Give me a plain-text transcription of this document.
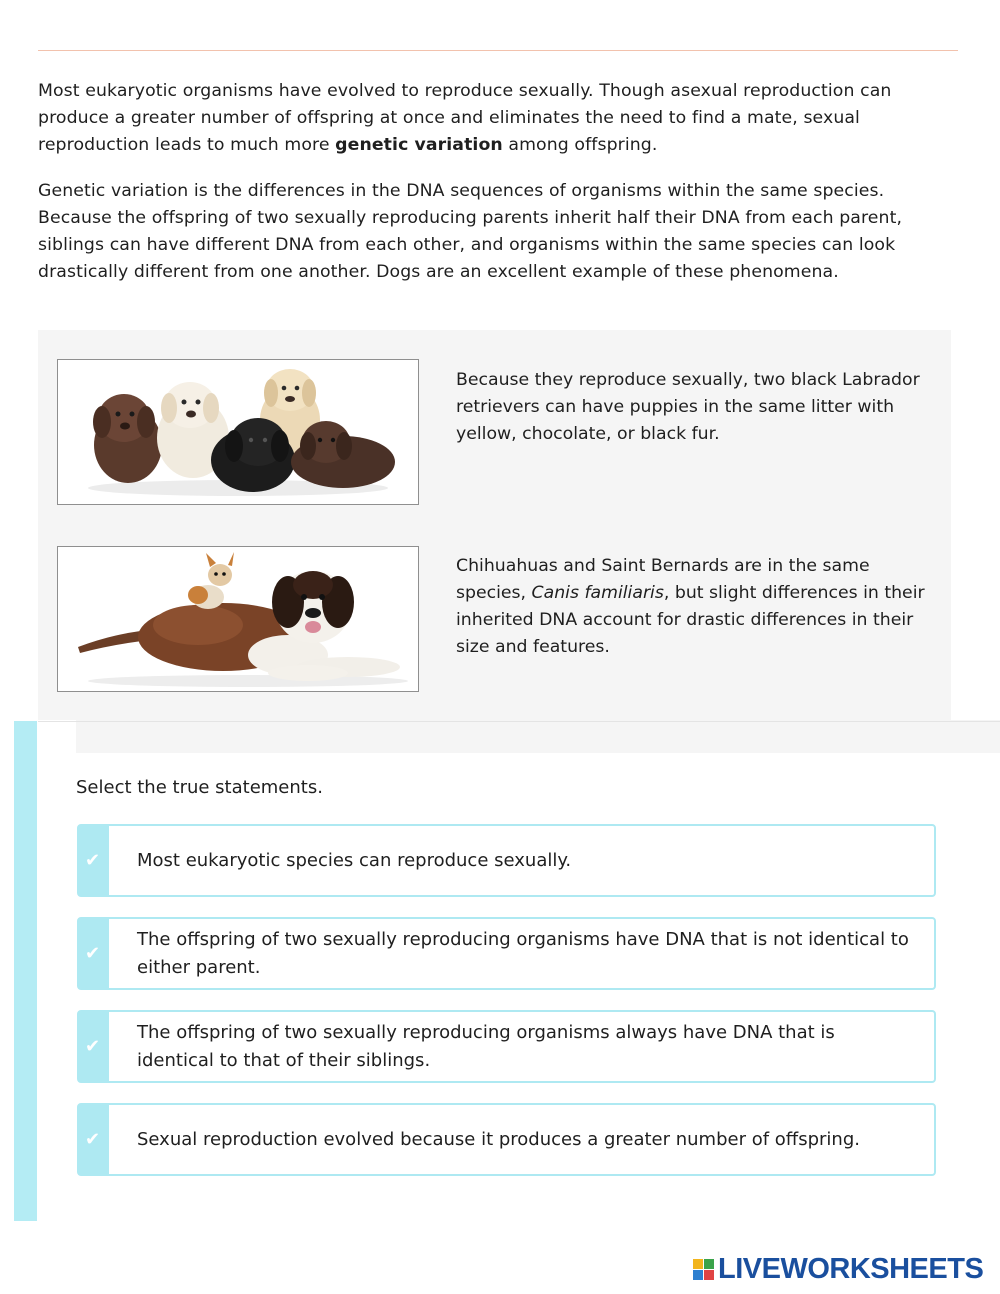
Most eukaryotic organisms have evolved to reproduce sexually. Though asexual reproduction can produce a greater number of offspring at once and eliminates the need to find a mate, sexual reproduction leads to much more genetic variation among offspring.

Genetic variation is the differences in the DNA sequences of organisms within the same species. Because the offspring of two sexually reproducing parents inherit half their DNA from each parent, siblings can have different DNA from each other, and organisms within the same species can look drastically different from one another. Dogs are an excellent example of these phenomena.

Because they reproduce sexually, two black Labrador retrievers can have puppies in the same litter with yellow, chocolate, or black fur.

Chihuahuas and Saint Bernards are in the same species, Canis familiaris, but slight differences in their inherited DNA account for drastic differences in their size and features.

Select the true statements.
✔ Most eukaryotic species can reproduce sexually.
✔
The offspring of two sexually reproducing organisms have DNA that is not identical to either parent.
✔
The offspring of two sexually reproducing organisms always have DNA that is identical to that of their siblings.
✔ Sexual reproduction evolved because it produces a greater number of offspring.
LIVEWORKSHEETS
